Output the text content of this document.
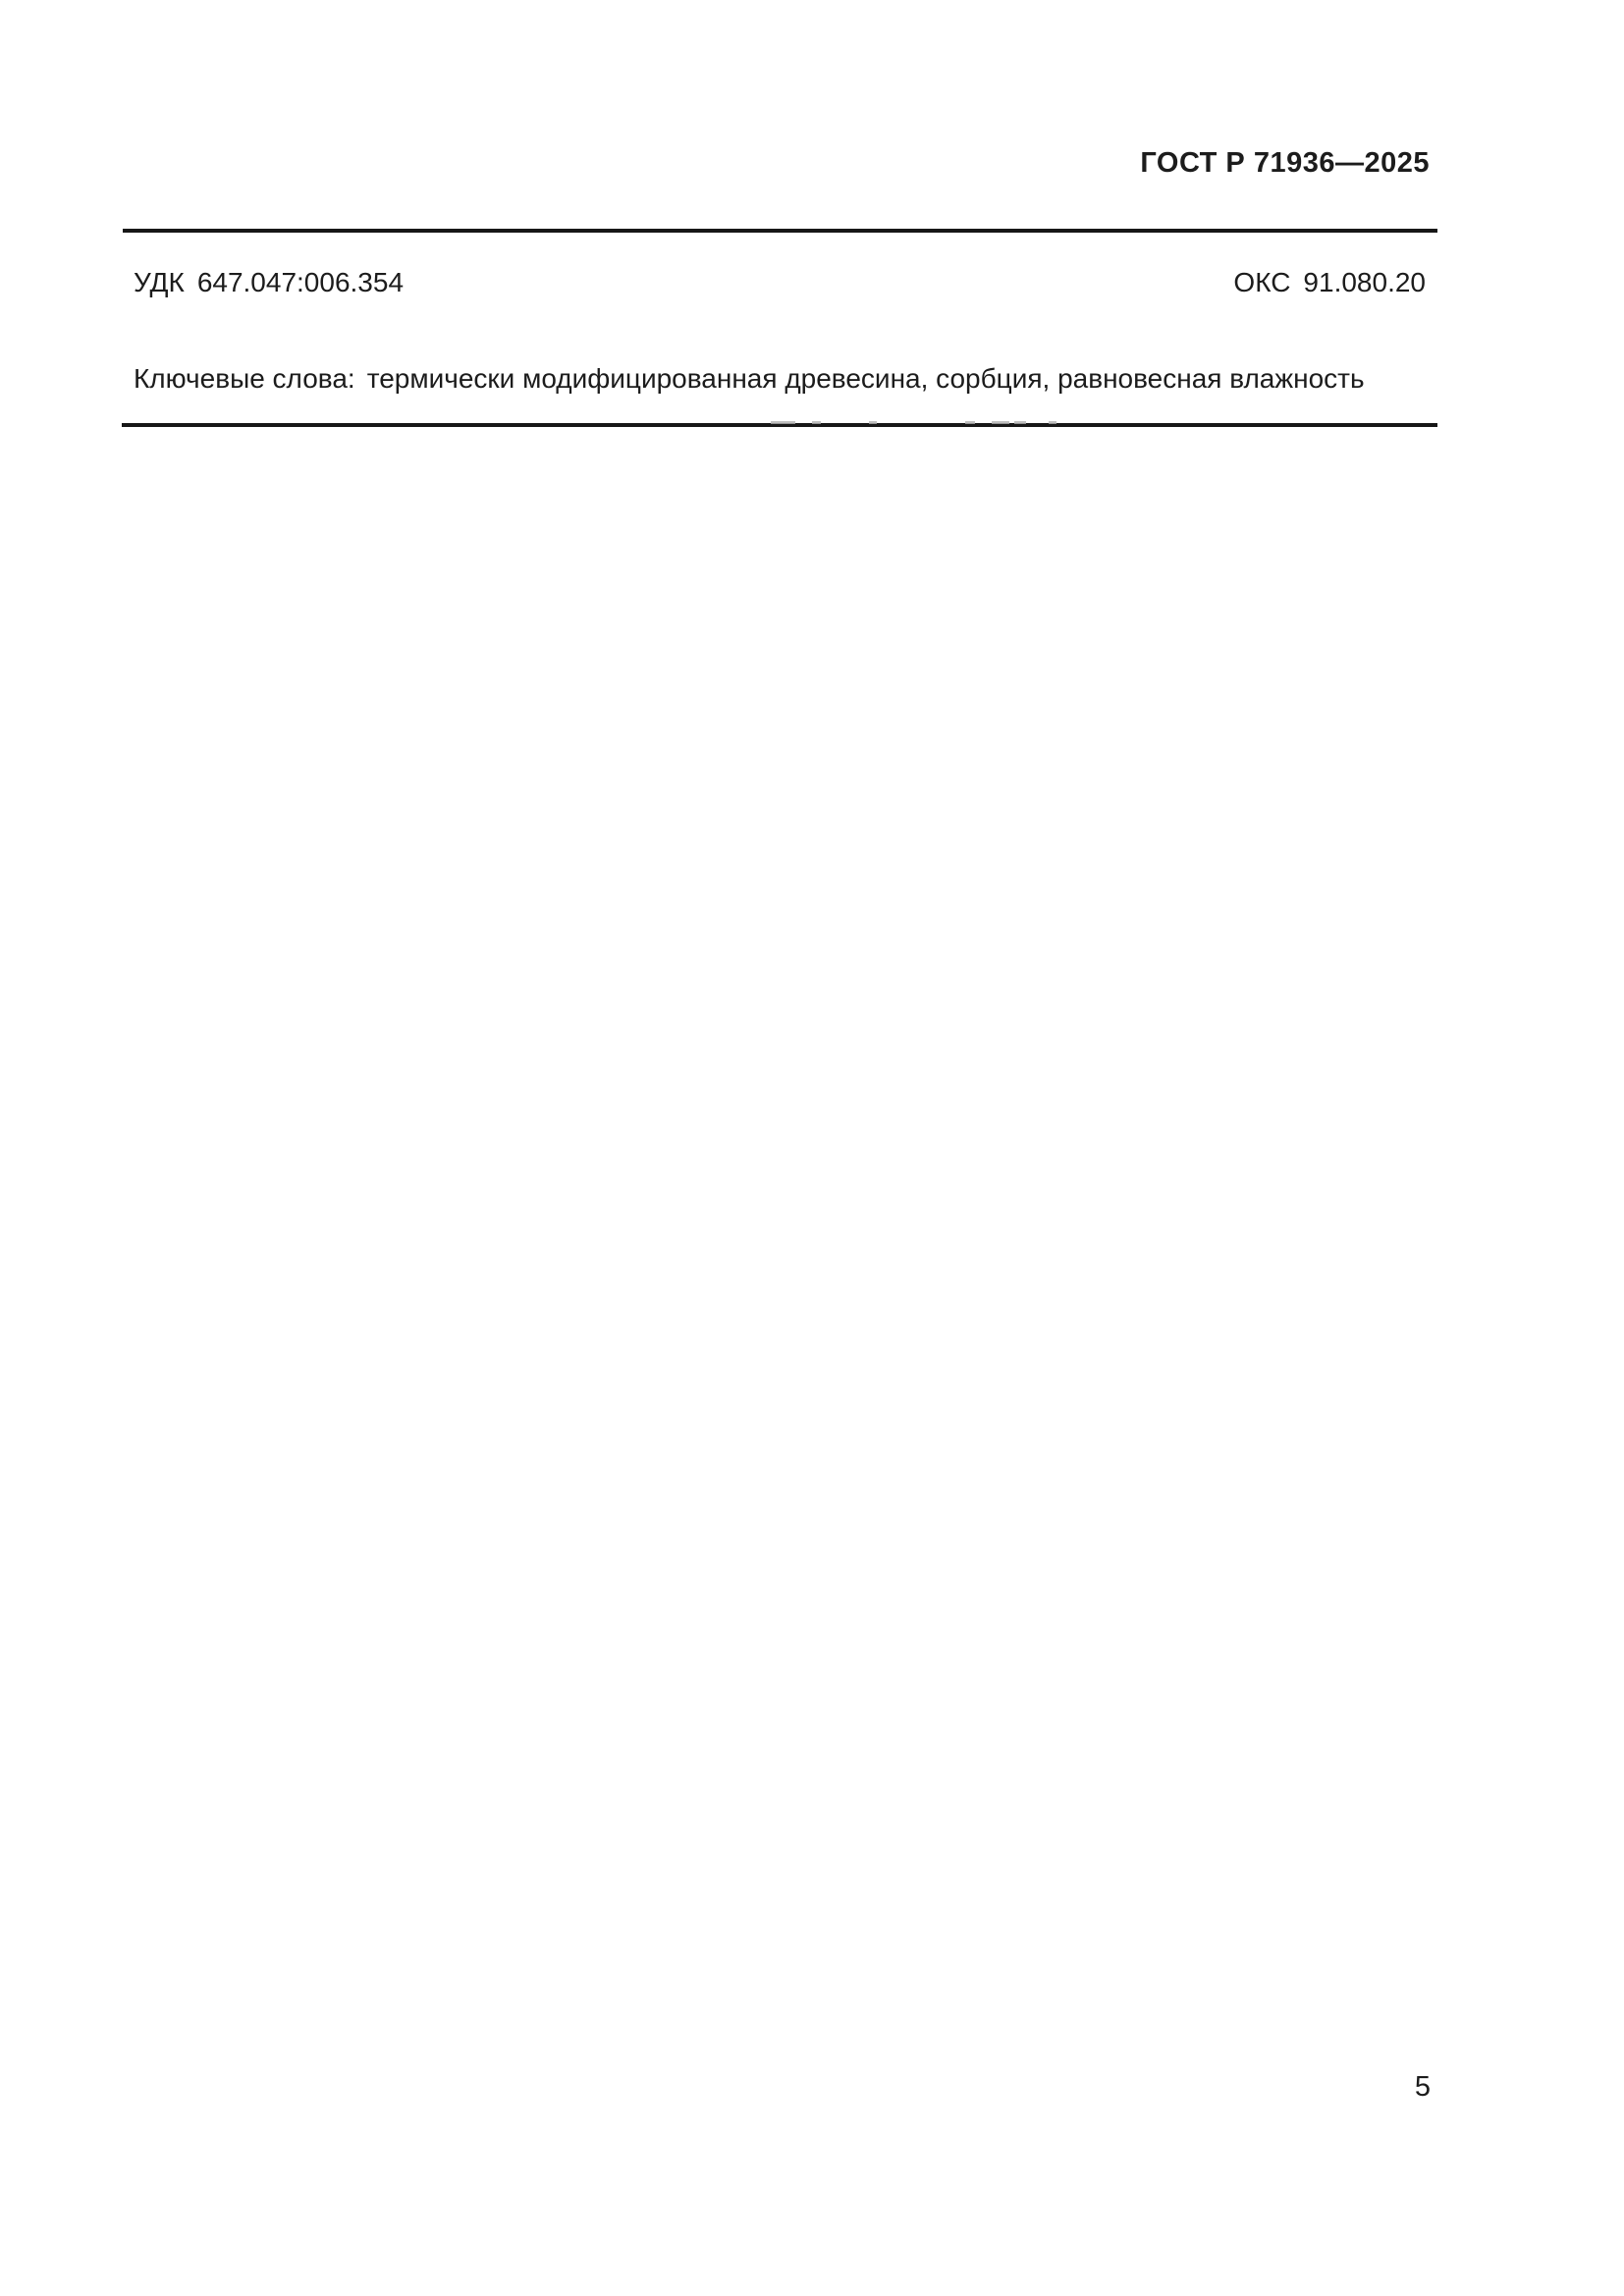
ГОСТ Р 71936—2025
УДК 647.047:006.354	ОКС 91.080.20
Ключевые слова: термически модифицированная древесина, сорбция, равновесная влажность
5
